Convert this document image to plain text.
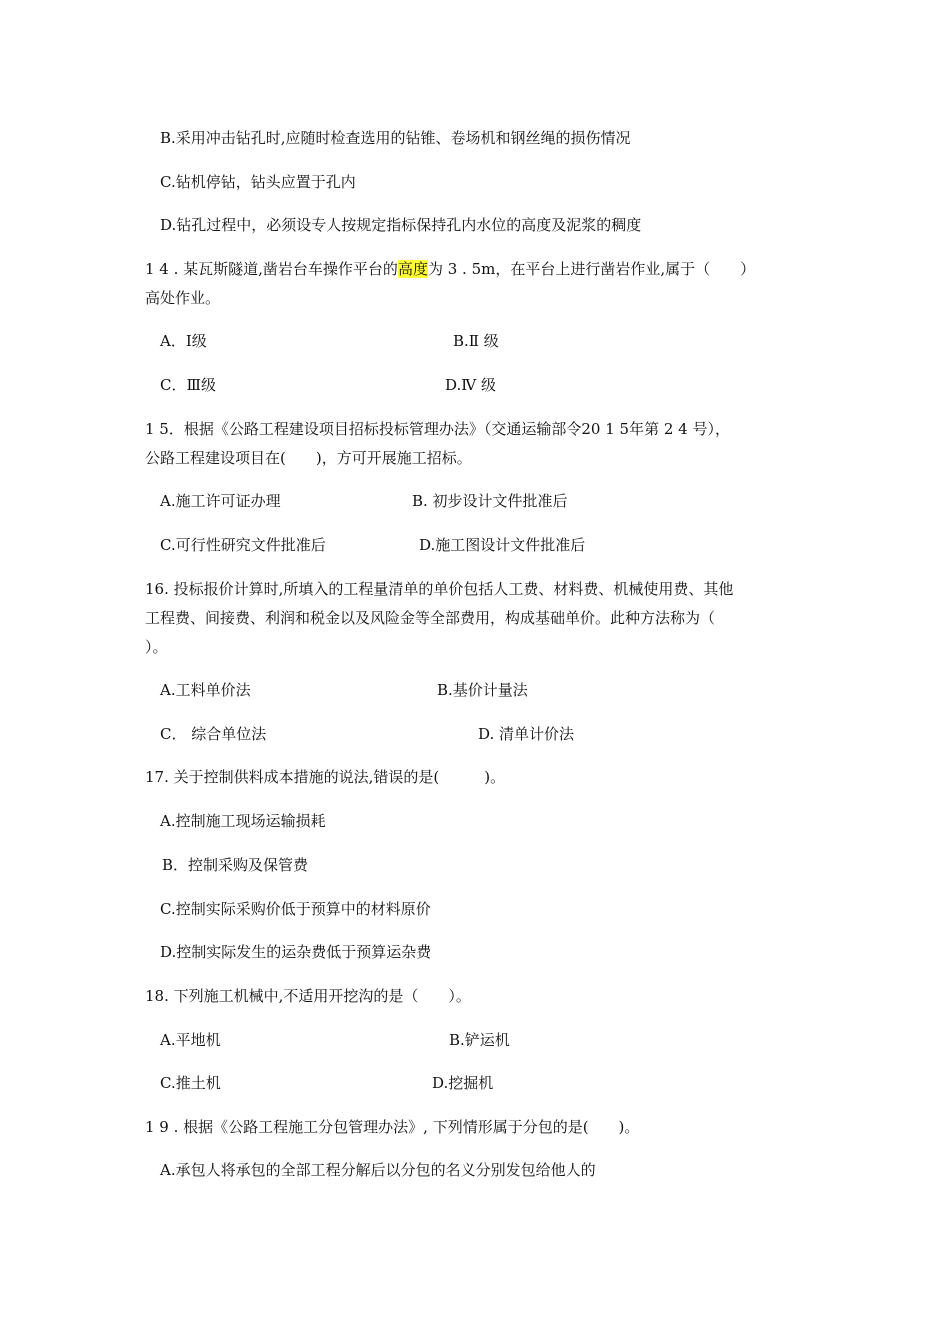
B.采用冲击钻孔时,应随时检查选用的钻锥、卷场机和钢丝绳的损伤情况
C.钻机停钻，钻头应置于孔内
D.钻孔过程中，必须设专人按规定指标保持孔内水位的高度及泥浆的稠度
1 4 . 某瓦斯隧道,凿岩台车操作平台的高度为 3 . 5m，在平台上进行凿岩作业,属于（　　）
高处作业。
A．Ⅰ级	B.Ⅱ 级
C．Ⅲ级	D.Ⅳ 级
1 5．根据《公路工程建设项目招标投标管理办法》（交通运输部令20 1 5年第 2 4 号），
公路工程建设项目在(　　)，方可开展施工招标。
A.施工许可证办理	B. 初步设计文件批准后
C.可行性研究文件批准后	D.施工图设计文件批准后
16. 投标报价计算时,所填入的工程量清单的单价包括人工费、材料费、机械使用费、其他
工程费、间接费、利润和税金以及风险金等全部费用，构成基础单价。此种方法称为（
）。
A.工料单价法	B.基价计量法
C． 综合单位法	D. 清单计价法
17. 关于控制供料成本措施的说法,错误的是(　　　)。
A.控制施工现场运输损耗
B．控制采购及保管费
C.控制实际采购价低于预算中的材料原价
D.控制实际发生的运杂费低于预算运杂费
18. 下列施工机械中,不适用开挖沟的是（　　）。
A.平地机	B.铲运机
C.推土机	D.挖掘机
1 9 . 根据《公路工程施工分包管理办法》, 下列情形属于分包的是(　　)。
A.承包人将承包的全部工程分解后以分包的名义分别发包给他人的
